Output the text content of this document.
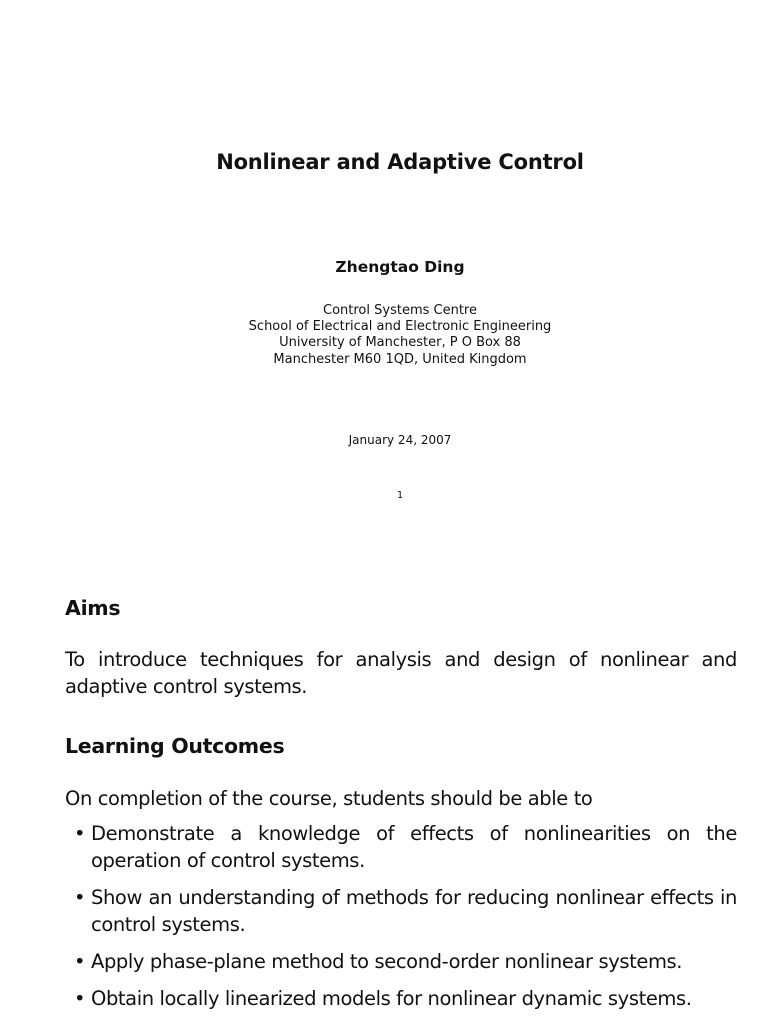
Nonlinear and Adaptive Control
Zhengtao Ding
Control Systems Centre
School of Electrical and Electronic Engineering
University of Manchester, P O Box 88
Manchester M60 1QD, United Kingdom
January 24, 2007
1
Aims
To introduce techniques for analysis and design of nonlinear and adaptive control systems.
Learning Outcomes
On completion of the course, students should be able to
• Demonstrate a knowledge of effects of nonlinearities on the operation of control systems.
• Show an understanding of methods for reducing nonlinear effects in control systems.
• Apply phase-plane method to second-order nonlinear systems.
• Obtain locally linearized models for nonlinear dynamic systems.
